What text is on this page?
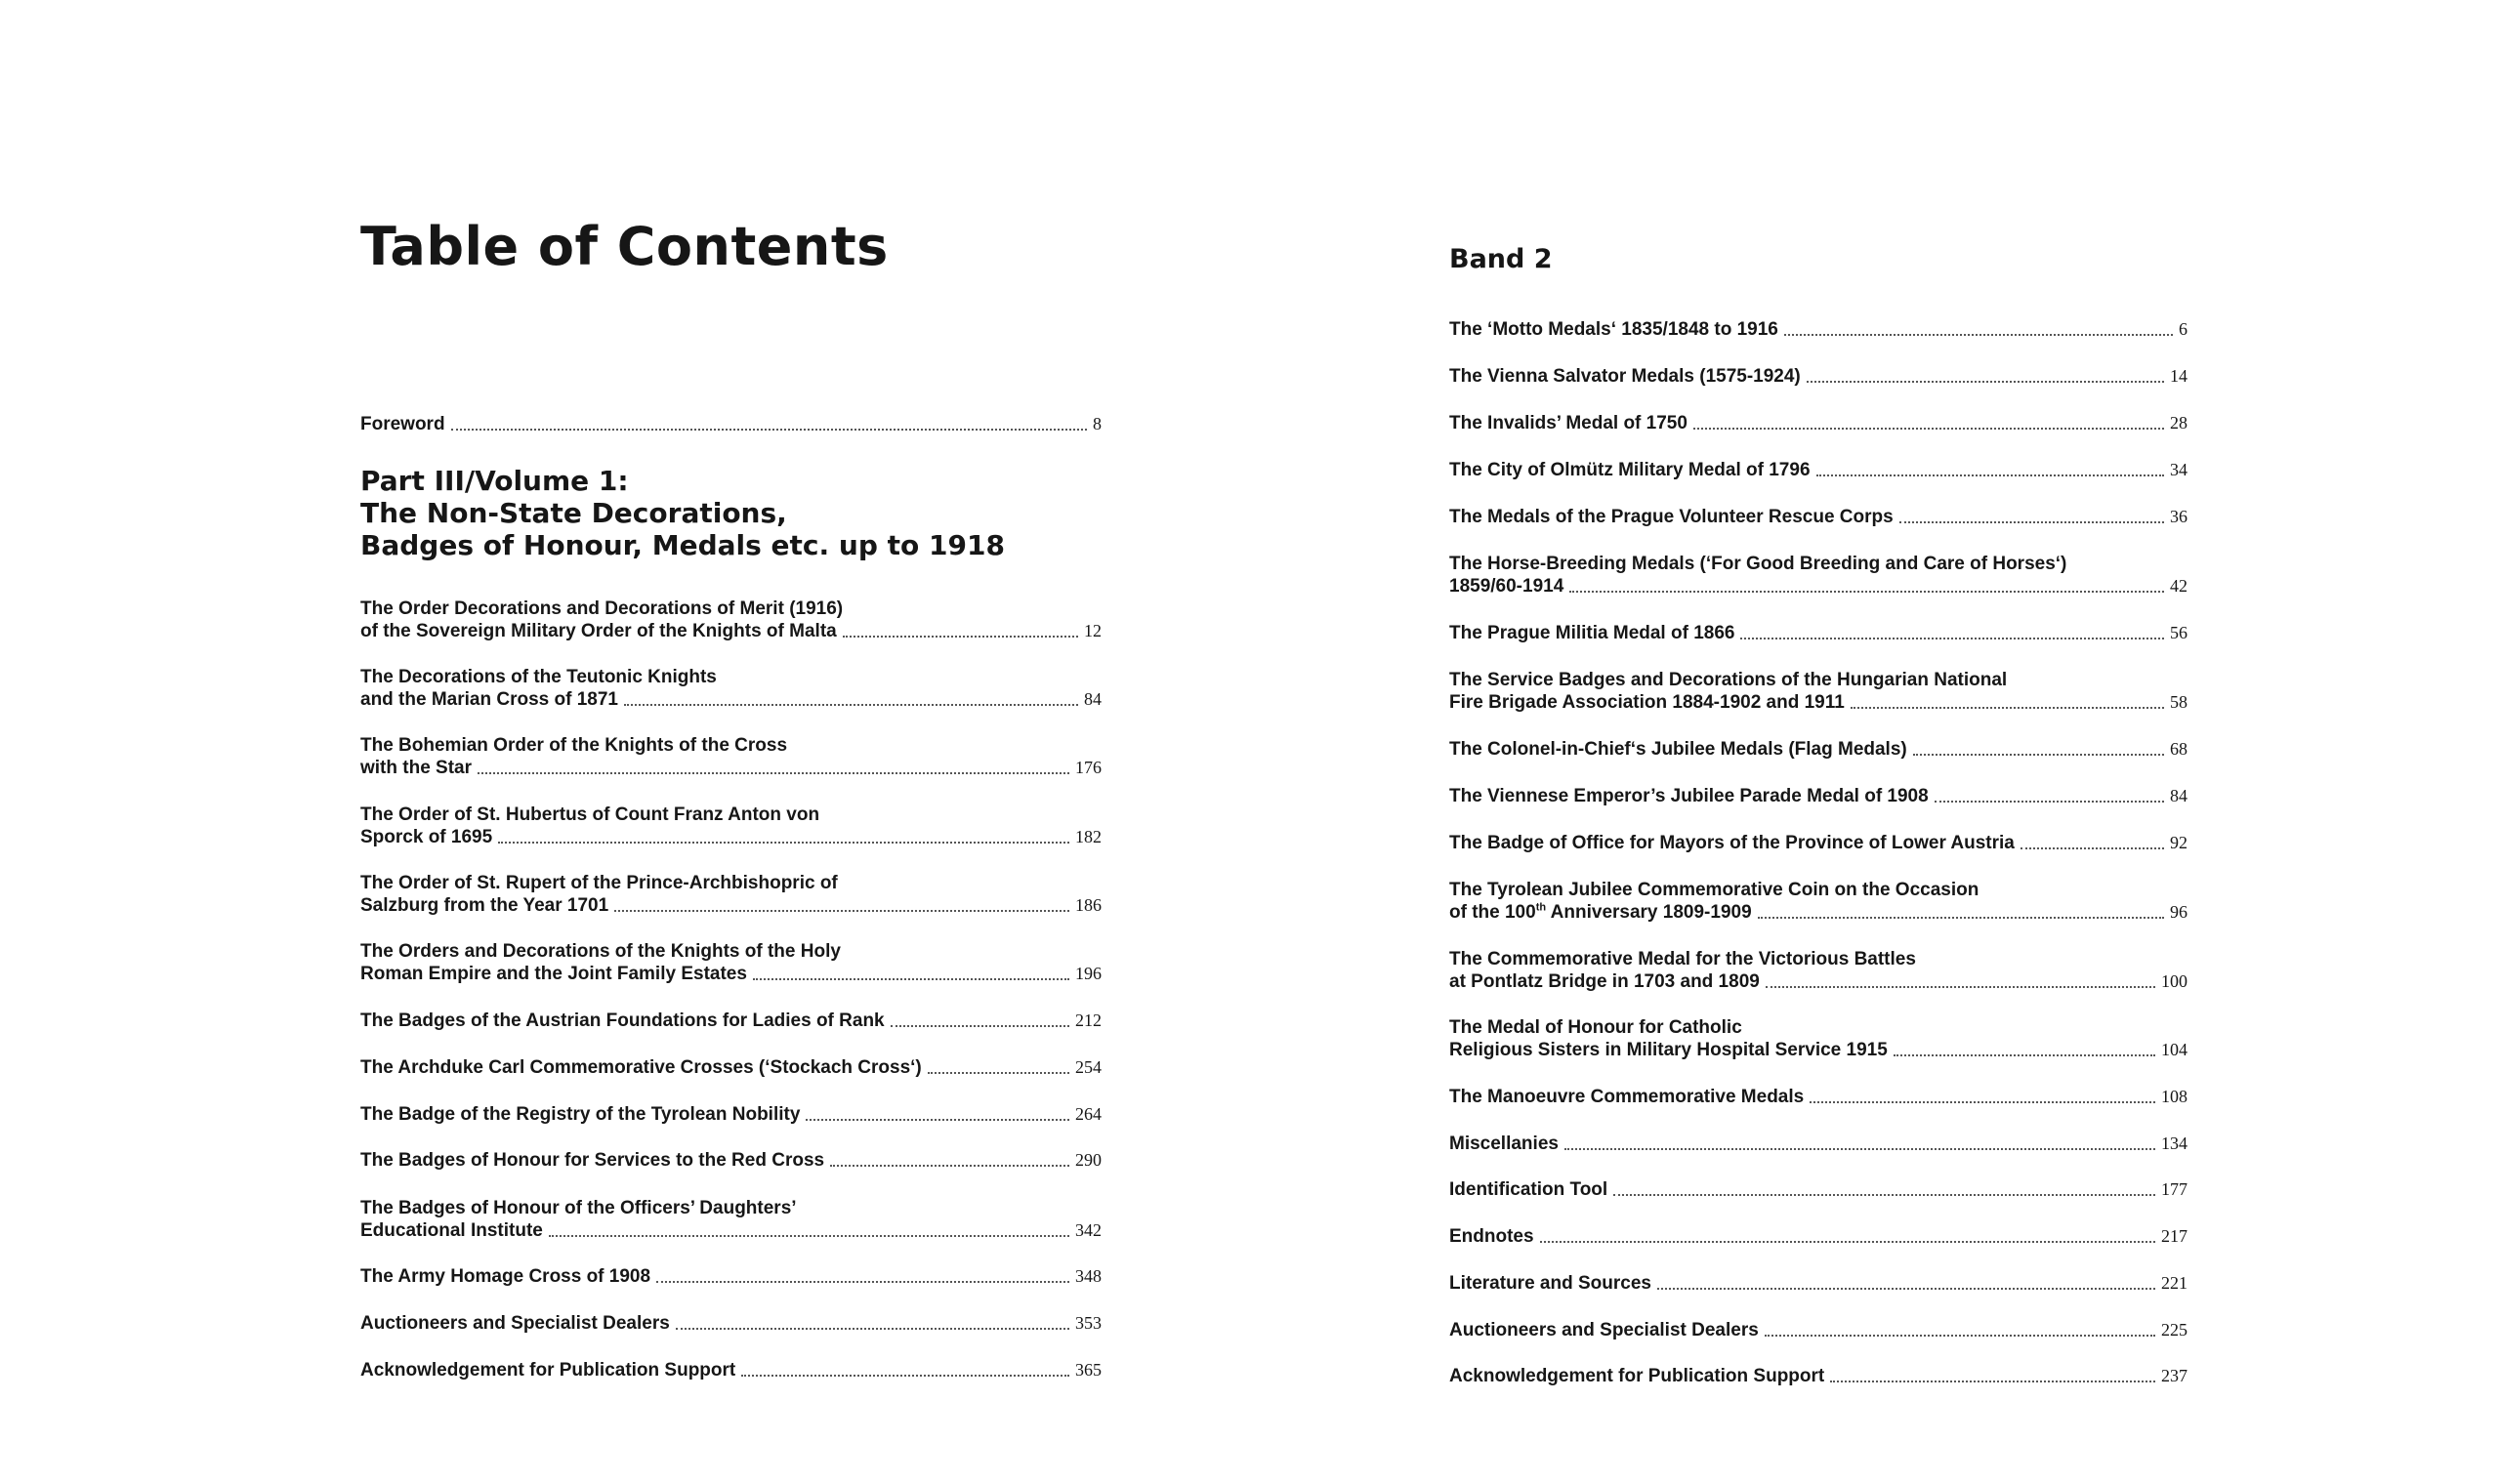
Table of Contents
Foreword	8
The Order Decorations and Decorations of Merit (1916)
of the Sovereign Military Order of the Knights of Malta	12
The Decorations of the Teutonic Knights
and the Marian Cross of 1871	84
The Bohemian Order of the Knights of the Cross
with the Star	176
The Order of St. Hubertus of Count Franz Anton von
Sporck of 1695	182
The Order of St. Rupert of the Prince-Archbishopric of
Salzburg from the Year 1701	186
The Orders and Decorations of the Knights of the Holy
Roman Empire and the Joint Family Estates	196
The Badges of the Austrian Foundations for Ladies of Rank	212
The Archduke Carl Commemorative Crosses (‘Stockach Cross‘)	254
The Badge of the Registry of the Tyrolean Nobility	264
The Badges of Honour for Services to the Red Cross	290
The Badges of Honour of the Officers’ Daughters’
Educational Institute	342
The Army Homage Cross of 1908	348
Auctioneers and Specialist Dealers	353
Acknowledgement for Publication Support	365
Part III/Volume 1:
The Non-State Decorations,
Badges of Honour, Medals etc. up to 1918
Band 2
The ‘Motto Medals‘ 1835/1848 to 1916	6
The Vienna Salvator Medals (1575-1924)	14
The Invalids’ Medal of 1750	28
The City of Olmütz Military Medal of 1796	34
The Medals of the Prague Volunteer Rescue Corps	36
The Horse-Breeding Medals (‘For Good Breeding and Care of Horses‘)
1859/60-1914	42
The Prague Militia Medal of 1866	56
The Service Badges and Decorations of the Hungarian National
Fire Brigade Association 1884-1902 and 1911	58
The Colonel-in-Chief‘s Jubilee Medals (Flag Medals)	68
The Viennese Emperor’s Jubilee Parade Medal of 1908	84
The Badge of Office for Mayors of the Province of Lower Austria	92
The Tyrolean Jubilee Commemorative Coin on the Occasion
of the 100th Anniversary 1809-1909	96
The Commemorative Medal for the Victorious Battles
at Pontlatz Bridge in 1703 and 1809	100
The Medal of Honour for Catholic
Religious Sisters in Military Hospital Service 1915	104
The Manoeuvre Commemorative Medals	108
Miscellanies	134
Identification Tool	177
Endnotes	217
Literature and Sources	221
Auctioneers and Specialist Dealers	225
Acknowledgement for Publication Support	237
